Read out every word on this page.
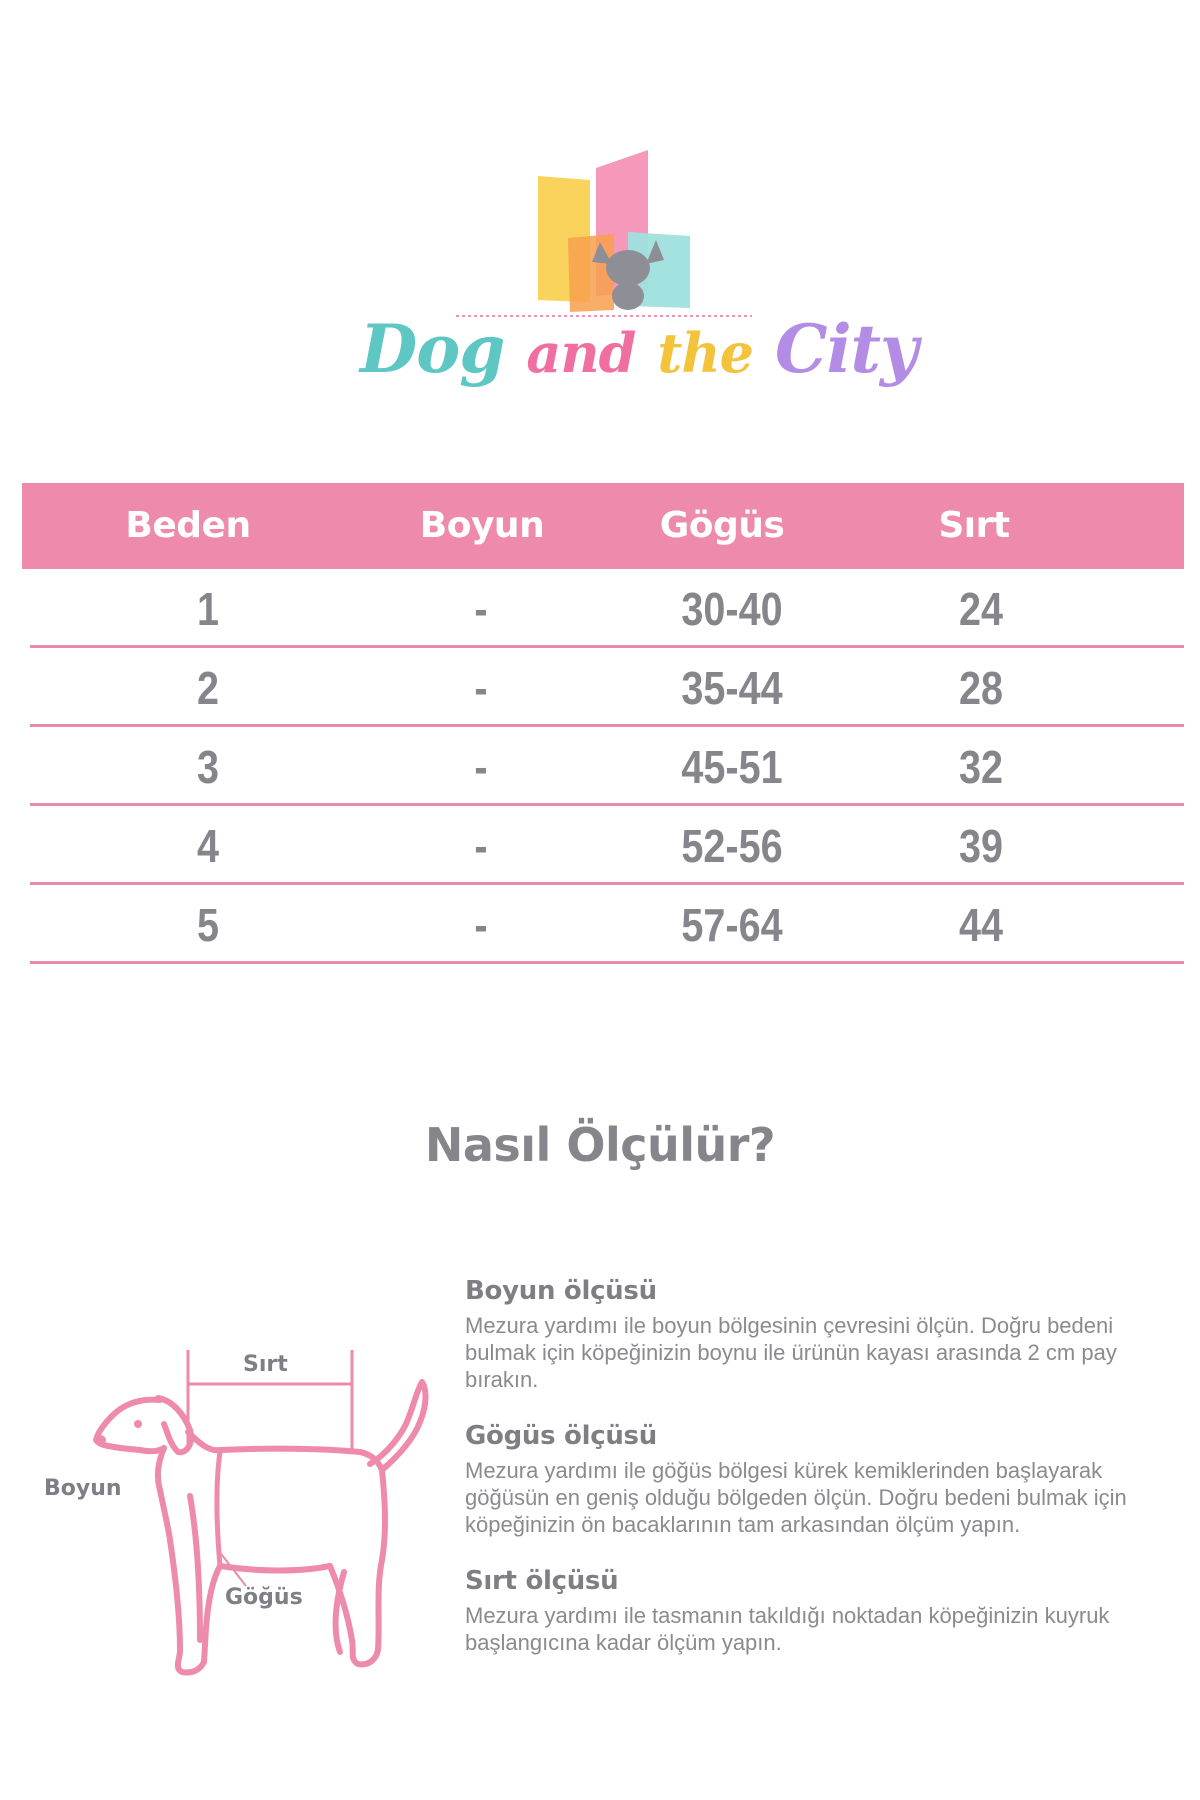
Dog and the City
Beden	Boyun	Gögüs	Sırt
1	-	30-40	24
2	-	35-44	28
3	-	45-51	32
4	-	52-56	39
5	-	57-64	44
Nasıl Ölçülür?
Sırt
Boyun
Göğüs

Boyun ölçüsü

Mezura yardımı ile boyun bölgesinin çevresini ölçün. Doğru bedeni bulmak için köpeğinizin boynu ile ürünün kayası arasında 2 cm pay bırakın.

Gögüs ölçüsü

Mezura yardımı ile göğüs bölgesi kürek kemiklerinden başlayarak göğüsün en geniş olduğu bölgeden ölçün. Doğru bedeni bulmak için köpeğinizin ön bacaklarının tam arkasından ölçüm yapın.

Sırt ölçüsü

Mezura yardımı ile tasmanın takıldığı noktadan köpeğinizin kuyruk başlangıcına kadar ölçüm yapın.
